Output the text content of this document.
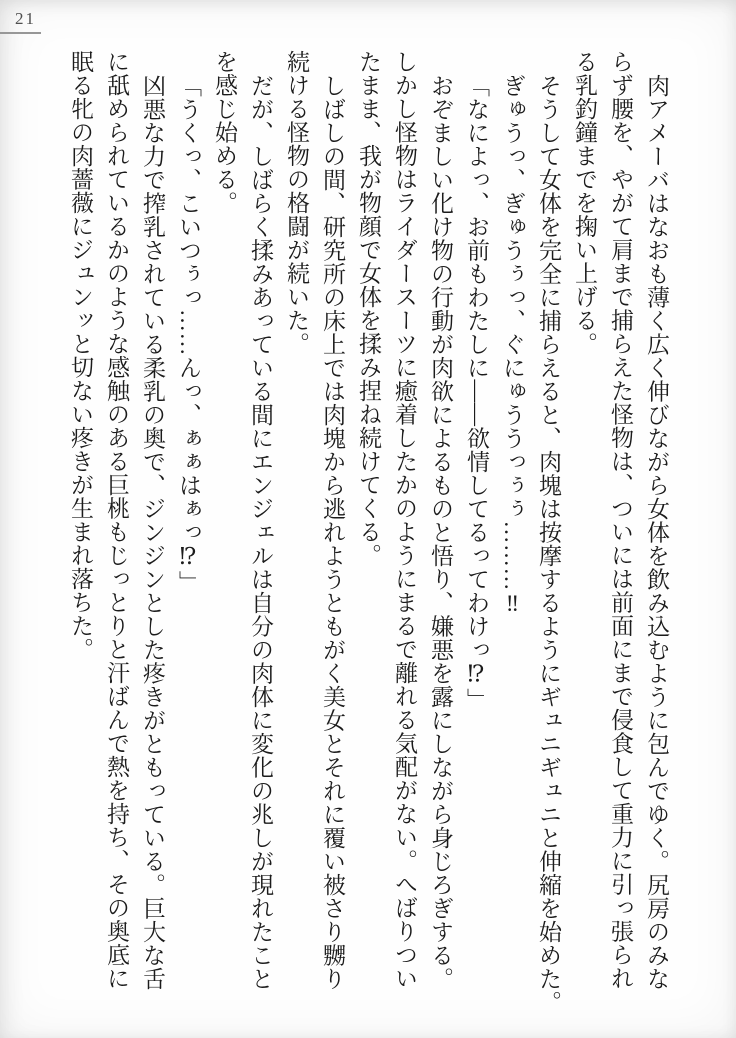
21

肉アメーバはなおも薄く広く伸びながら女体を飲み込むように包んでゆく。尻房のみな

らず腰を、やがて肩まで捕らえた怪物は、ついには前面にまで侵食して重力に引っ張られ

る乳釣鐘までを掬い上げる。

そうして女体を完全に捕らえると、肉塊は按摩するようにギュニギュニと伸縮を始めた。

ぎゅうっ、ぎゅうぅっ、ぐにゅううっぅぅ………‼

「なによっ、お前もわたしに――欲情してるってわけっ⁉」

おぞましい化け物の行動が肉欲によるものと悟り、嫌悪を露にしながら身じろぎする。

しかし怪物はライダースーツに癒着したかのようにまるで離れる気配がない。へばりつい

たまま、我が物顔で女体を揉み捏ね続けてくる。

しばしの間、研究所の床上では肉塊から逃れようともがく美女とそれに覆い被さり嬲り

続ける怪物の格闘が続いた。

だが、しばらく揉みあっている間にエンジェルは自分の肉体に変化の兆しが現れたこと

を感じ始める。

「うくっ、こいつぅっ……んっ、ぁぁはぁっ⁉」

凶悪な力で搾乳されている柔乳の奥で、ジンジンとした疼きがともっている。巨大な舌

に舐められているかのような感触のある巨桃もじっとりと汗ばんで熱を持ち、その奥底に

眠る牝の肉薔薇にジュンッと切ない疼きが生まれ落ちた。
